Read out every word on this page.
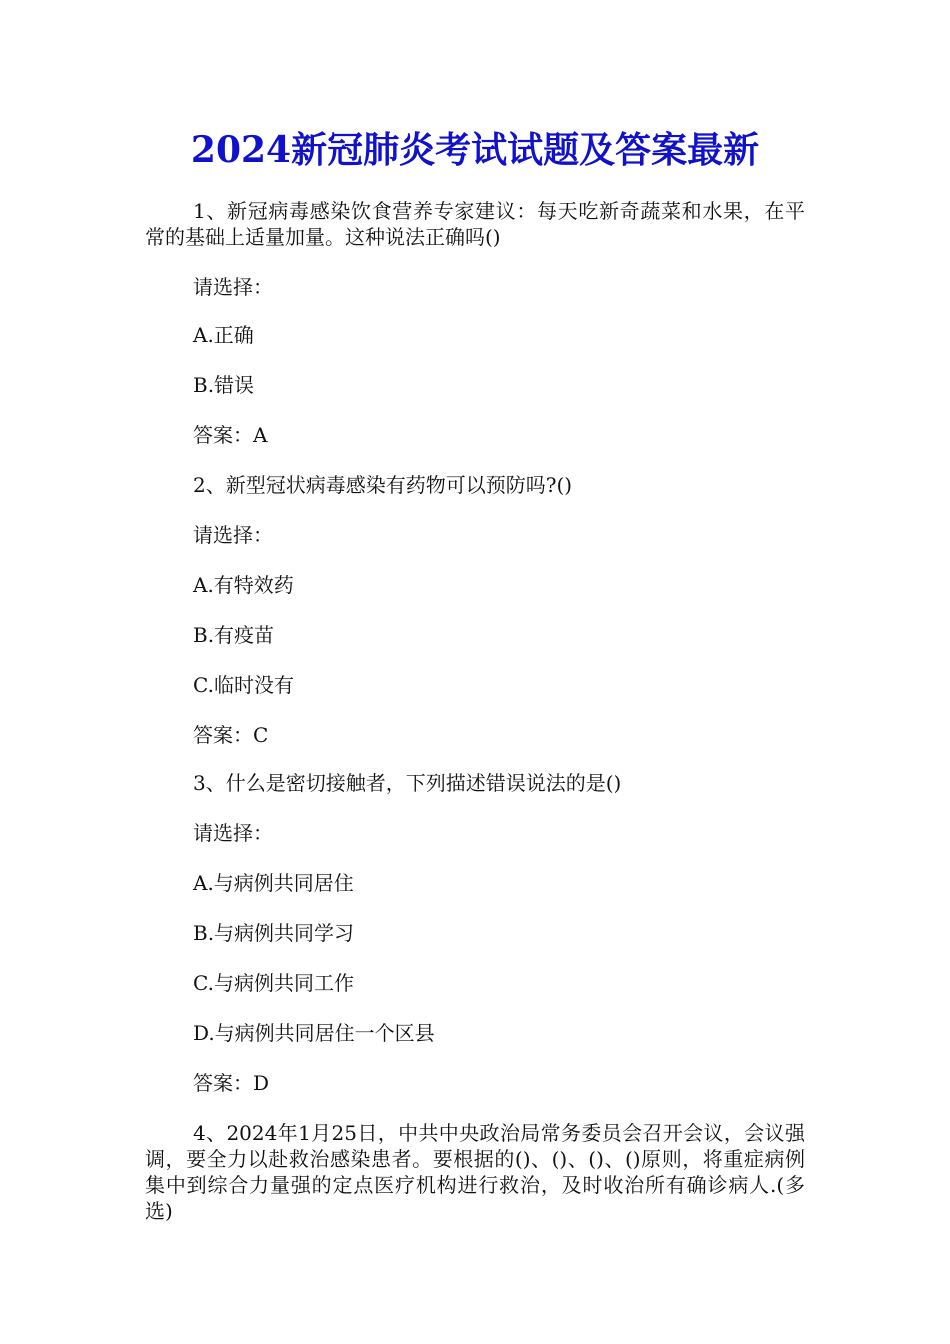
2024新冠肺炎考试试题及答案最新

1、新冠病毒感染饮食营养专家建议：每天吃新奇蔬菜和水果，在平常的基础上适量加量。这种说法正确吗()

请选择：

A.正确

B.错误

答案：A

2、新型冠状病毒感染有药物可以预防吗?()

请选择：

A.有特效药

B.有疫苗

C.临时没有

答案：C

3、什么是密切接触者，下列描述错误说法的是()

请选择：

A.与病例共同居住

B.与病例共同学习

C.与病例共同工作

D.与病例共同居住一个区县

答案：D

4、2024年1月25日，中共中央政治局常务委员会召开会议，会议强调，要全力以赴救治感染患者。要根据的()、()、()、()原则，将重症病例集中到综合力量强的定点医疗机构进行救治，及时收治所有确诊病人.(多选)
